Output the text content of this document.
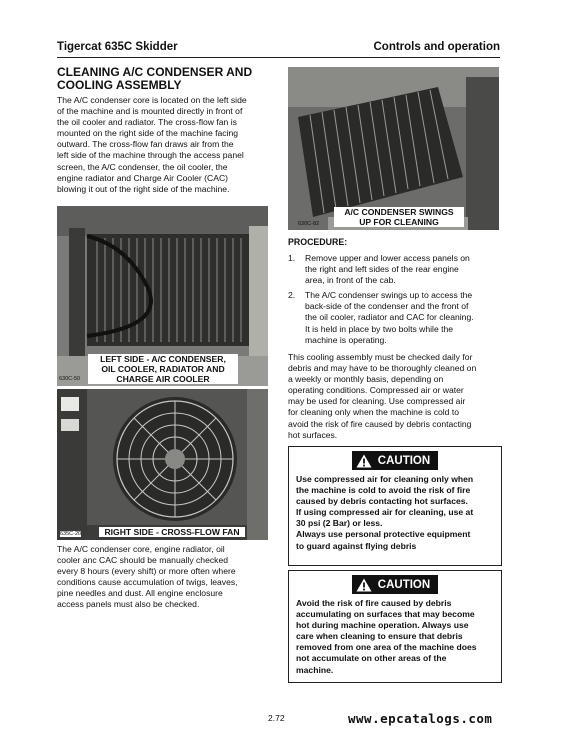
Tigercat 635C Skidder	Controls and operation
CLEANING A/C CONDENSER AND
COOLING ASSEMBLY
The A/C condenser core is located on the left side
of the machine and is mounted directly in front of
the oil cooler and radiator. The cross-flow fan is
mounted on the right side of the machine facing
outward. The cross-flow fan draws air from the
left side of the machine through the access panel
screen, the A/C condenser, the oil cooler, the
engine radiator and Charge Air Cooler (CAC)
blowing it out of the right side of the machine.
630C-50
LEFT SIDE - A/C CONDENSER,
OIL COOLER, RADIATOR AND
CHARGE AIR COOLER
635C-20	RIGHT SIDE - CROSS-FLOW FAN
The A/C condenser core, engine radiator, oil
cooler anc CAC should be manually checked
every 8 hours (every shift) or more often where
conditions cause accumulation of twigs, leaves,
pine needles and dust. All engine enclosure
access panels must also be checked.
630C-82
A/C CONDENSER SWINGS
UP FOR CLEANING
PROCEDURE:
1. Remove upper and lower access panels on
the right and left sides of the rear engine
area, in front of the cab.
2. The A/C condenser swings up to access the
back-side of the condenser and the front of
the oil cooler, radiator and CAC for cleaning.
It is held in place by two bolts while the
machine is operating.
This cooling assembly must be checked daily for
debris and may have to be thoroughly cleaned on
a weekly or monthly basis, depending on
operating conditions. Compressed air or water
may be used for cleaning. Use compressed air
for cleaning only when the machine is cold to
avoid the risk of fire caused by debris contacting
hot surfaces.
CAUTION
Use compressed air for cleaning only when
the machine is cold to avoid the risk of fire
caused by debris contacting hot surfaces.
If using compressed air for cleaning, use at
30 psi (2 Bar) or less.
Always use personal protective equipment
to guard against flying debris
CAUTION
Avoid the risk of fire caused by debris
accumulating on surfaces that may become
hot during machine operation. Always use
care when cleaning to ensure that debris
removed from one area of the machine does
not accumulate on other areas of the
machine.
2.72	www.epcatalogs.com
